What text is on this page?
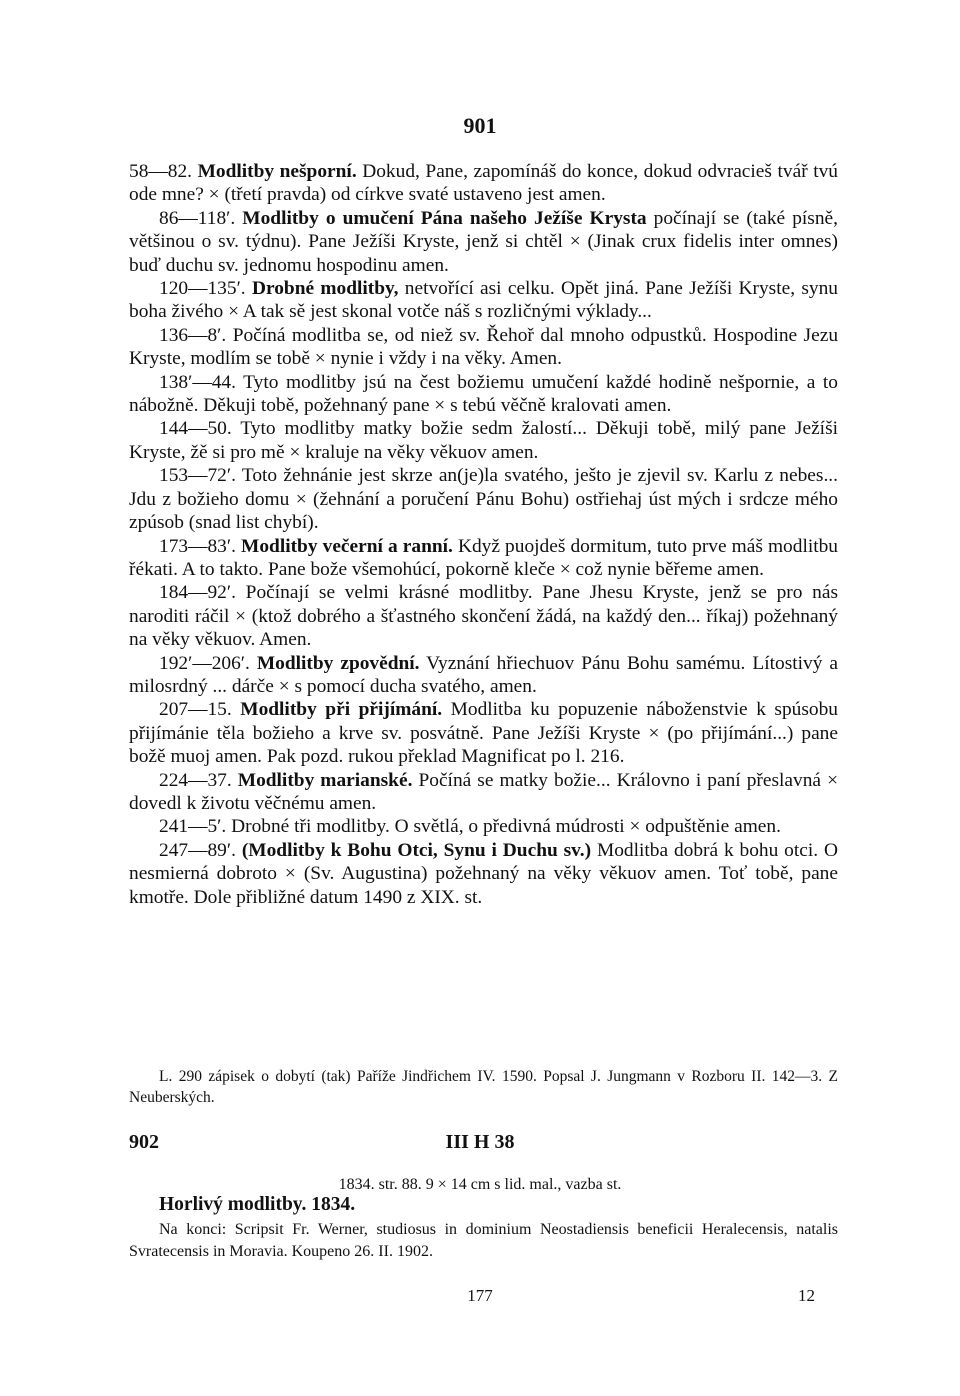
901

58—82. Modlitby nešporní. Dokud, Pane, zapomínáš do konce, dokud odvracieš tvář tvú ode mne? × (třetí pravda) od církve svaté ustaveno jest amen.

86—118′. Modlitby o umučení Pána našeho Ježíše Krysta počínají se (také písně, většinou o sv. týdnu). Pane Ježíši Kryste, jenž si chtěl × (Jinak crux fidelis inter omnes) buď duchu sv. jednomu hospodinu amen.

120—135′. Drobné modlitby, netvořící asi celku. Opět jiná. Pane Ježíši Kryste, synu boha živého × A tak sě jest skonal votče náš s rozličnými výklady...

136—8′. Počíná modlitba se, od niež sv. Řehoř dal mnoho odpustků. Hospodine Jezu Kryste, modlím se tobě × nynie i vždy i na věky. Amen.

138′—44. Tyto modlitby jsú na čest božiemu umučení každé hodině nešpornie, a to nábožně. Děkuji tobě, požehnaný pane × s tebú věčně kralovati amen.

144—50. Tyto modlitby matky božie sedm žalostí... Děkuji tobě, milý pane Ježíši Kryste, žě si pro mě × kraluje na věky věkuov amen.

153—72′. Toto žehnánie jest skrze an(je)la svatého, ješto je zjevil sv. Karlu z nebes... Jdu z božieho domu × (žehnání a poručení Pánu Bohu) ostřiehaj úst mých i srdcze mého zpúsob (snad list chybí).

173—83′. Modlitby večerní a ranní. Když puojdeš dormitum, tuto prve máš modlitbu řékati. A to takto. Pane bože všemohúcí, pokorně kleče × což nynie běřeme amen.

184—92′. Počínají se velmi krásné modlitby. Pane Jhesu Kryste, jenž se pro nás naroditi ráčil × (ktož dobrého a šťastného skončení žádá, na každý den... říkaj) požehnaný na věky věkuov. Amen.

192′—206′. Modlitby zpovědní. Vyznání hřiechuov Pánu Bohu samému. Lítostivý a milosrdný ... dárče × s pomocí ducha svatého, amen.

207—15. Modlitby při přijímání. Modlitba ku popuzenie náboženstvie k spúsobu přijímánie těla božieho a krve sv. posvátně. Pane Ježíši Kryste × (po přijímání...) pane božě muoj amen. Pak pozd. rukou překlad Magnificat po l. 216.

224—37. Modlitby marianské. Počíná se matky božie... Královno i paní přeslavná × dovedl k životu věčnému amen.

241—5′. Drobné tři modlitby. O světlá, o předivná múdrosti × odpuštěnie amen.

247—89′. (Modlitby k Bohu Otci, Synu i Duchu sv.) Modlitba dobrá k bohu otci. O nesmierná dobroto × (Sv. Augustina) požehnaný na věky věkuov amen. Toť tobě, pane kmotře. Dole přibližné datum 1490 z XIX. st.

L. 290 zápisek o dobytí (tak) Paříže Jindřichem IV. 1590. Popsal J. Jungmann v Rozboru II. 142—3. Z Neuberských.

902	III H 38
1834. str. 88. 9 × 14 cm s lid. mal., vazba st.
Horlivý modlitby. 1834.

Na konci: Scripsit Fr. Werner, studiosus in dominium Neostadiensis beneficii Heralecensis, natalis Svratecensis in Moravia. Koupeno 26. II. 1902.

177	12
